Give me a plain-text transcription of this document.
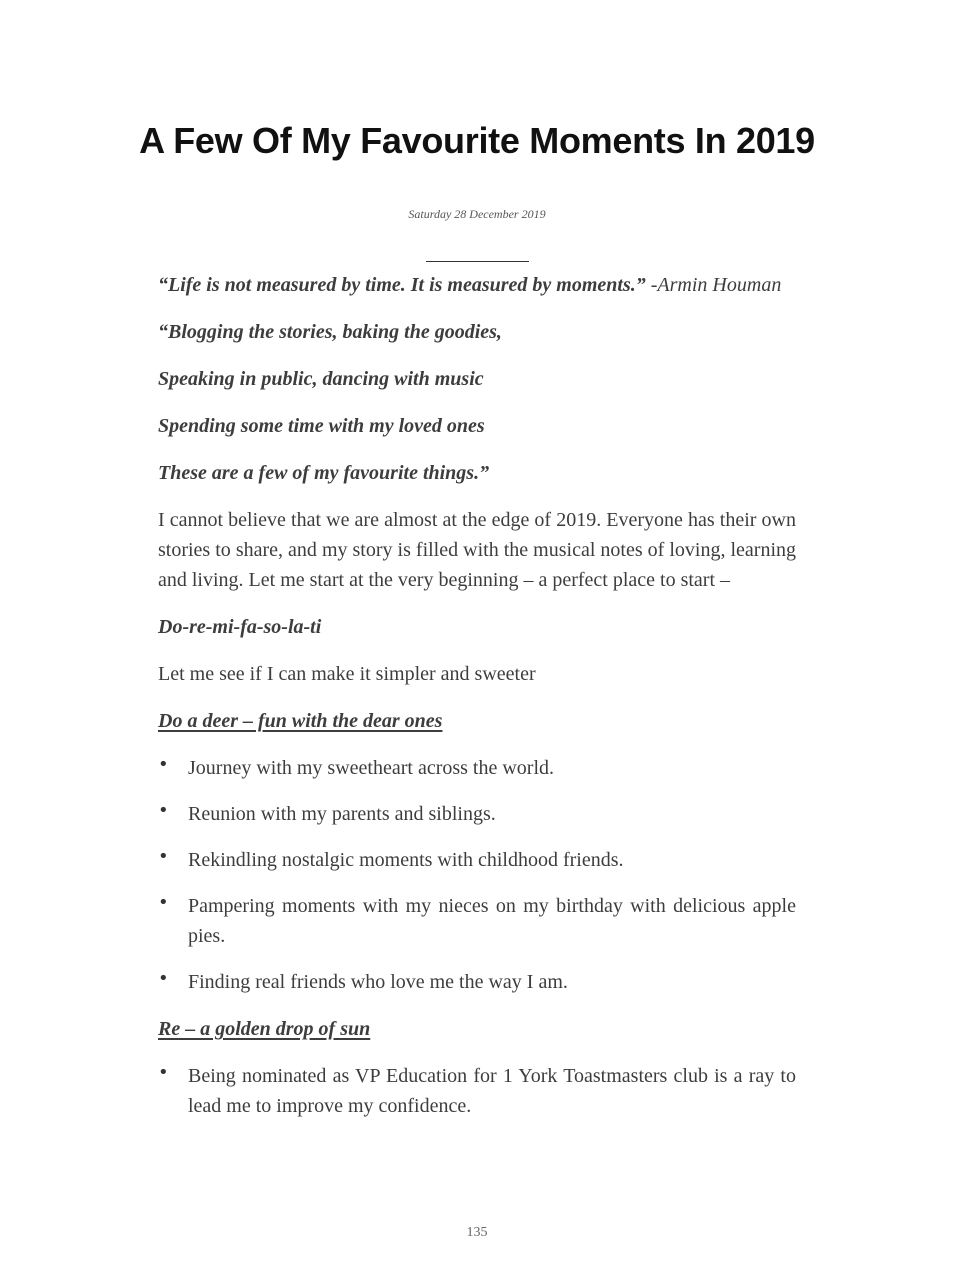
A Few Of My Favourite Moments In 2019
Saturday 28 December 2019

“Life is not measured by time. It is measured by moments.” -Armin Houman

“Blogging the stories, baking the goodies,

Speaking in public, dancing with music

Spending some time with my loved ones

These are a few of my favourite things.”

I cannot believe that we are almost at the edge of 2019. Everyone has their own stories to share, and my story is filled with the musical notes of loving, learning and living. Let me start at the very beginning – a perfect place to start –

Do-re-mi-fa-so-la-ti

Let me see if I can make it simpler and sweeter

Do a deer – fun with the dear ones

• Journey with my sweetheart across the world.
• Reunion with my parents and siblings.
• Rekindling nostalgic moments with childhood friends.
• Pampering moments with my nieces on my birthday with delicious apple pies.
• Finding real friends who love me the way I am.

Re – a golden drop of sun

• Being nominated as VP Education for 1 York Toastmasters club is a ray to lead me to improve my confidence.
135
